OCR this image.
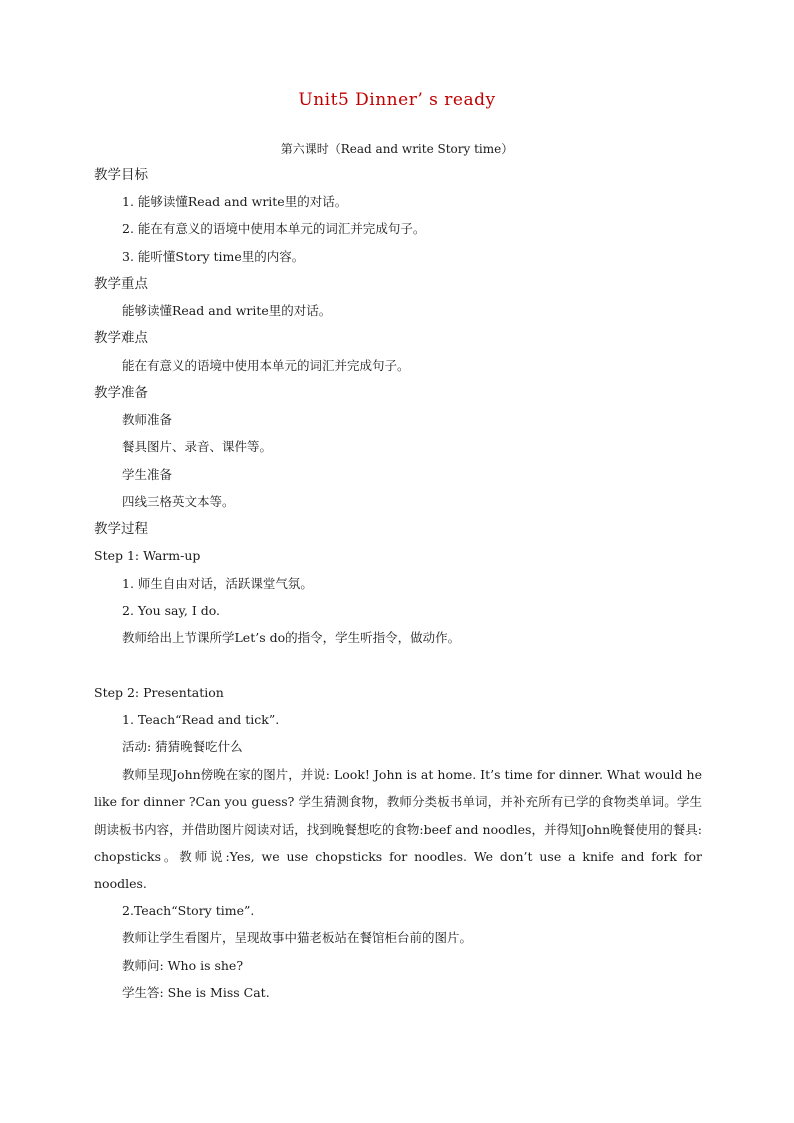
Unit5 Dinner’ s ready
第六课时（Read and write Story time）
教学目标
1. 能够读懂Read and write里的对话。
2. 能在有意义的语境中使用本单元的词汇并完成句子。
3. 能听懂Story time里的内容。
教学重点
能够读懂Read and write里的对话。
教学难点
能在有意义的语境中使用本单元的词汇并完成句子。
教学准备
教师准备
餐具图片、录音、课件等。
学生准备
四线三格英文本等。
教学过程
Step 1: Warm-up
1. 师生自由对话，活跃课堂气氛。
2. You say, I do.
教师给出上节课所学Let’s do的指令，学生听指令，做动作。
Step 2: Presentation
1. Teach“Read and tick”.
活动: 猜猜晚餐吃什么
教师呈现John傍晚在家的图片，并说: Look! John is at home. It’s time for dinner. What would he like for dinner ?Can you guess? 学生猜测食物，教师分类板书单词，并补充所有已学的食物类单词。学生朗读板书内容，并借助图片阅读对话，找到晚餐想吃的食物:beef and noodles，并得知John晚餐使用的餐具: chopsticks。教师说:Yes, we use chopsticks for noodles. We don’t use a knife and fork for noodles.
2.Teach“Story time”.
教师让学生看图片，呈现故事中猫老板站在餐馆柜台前的图片。
教师问: Who is she?
学生答: She is Miss Cat.
